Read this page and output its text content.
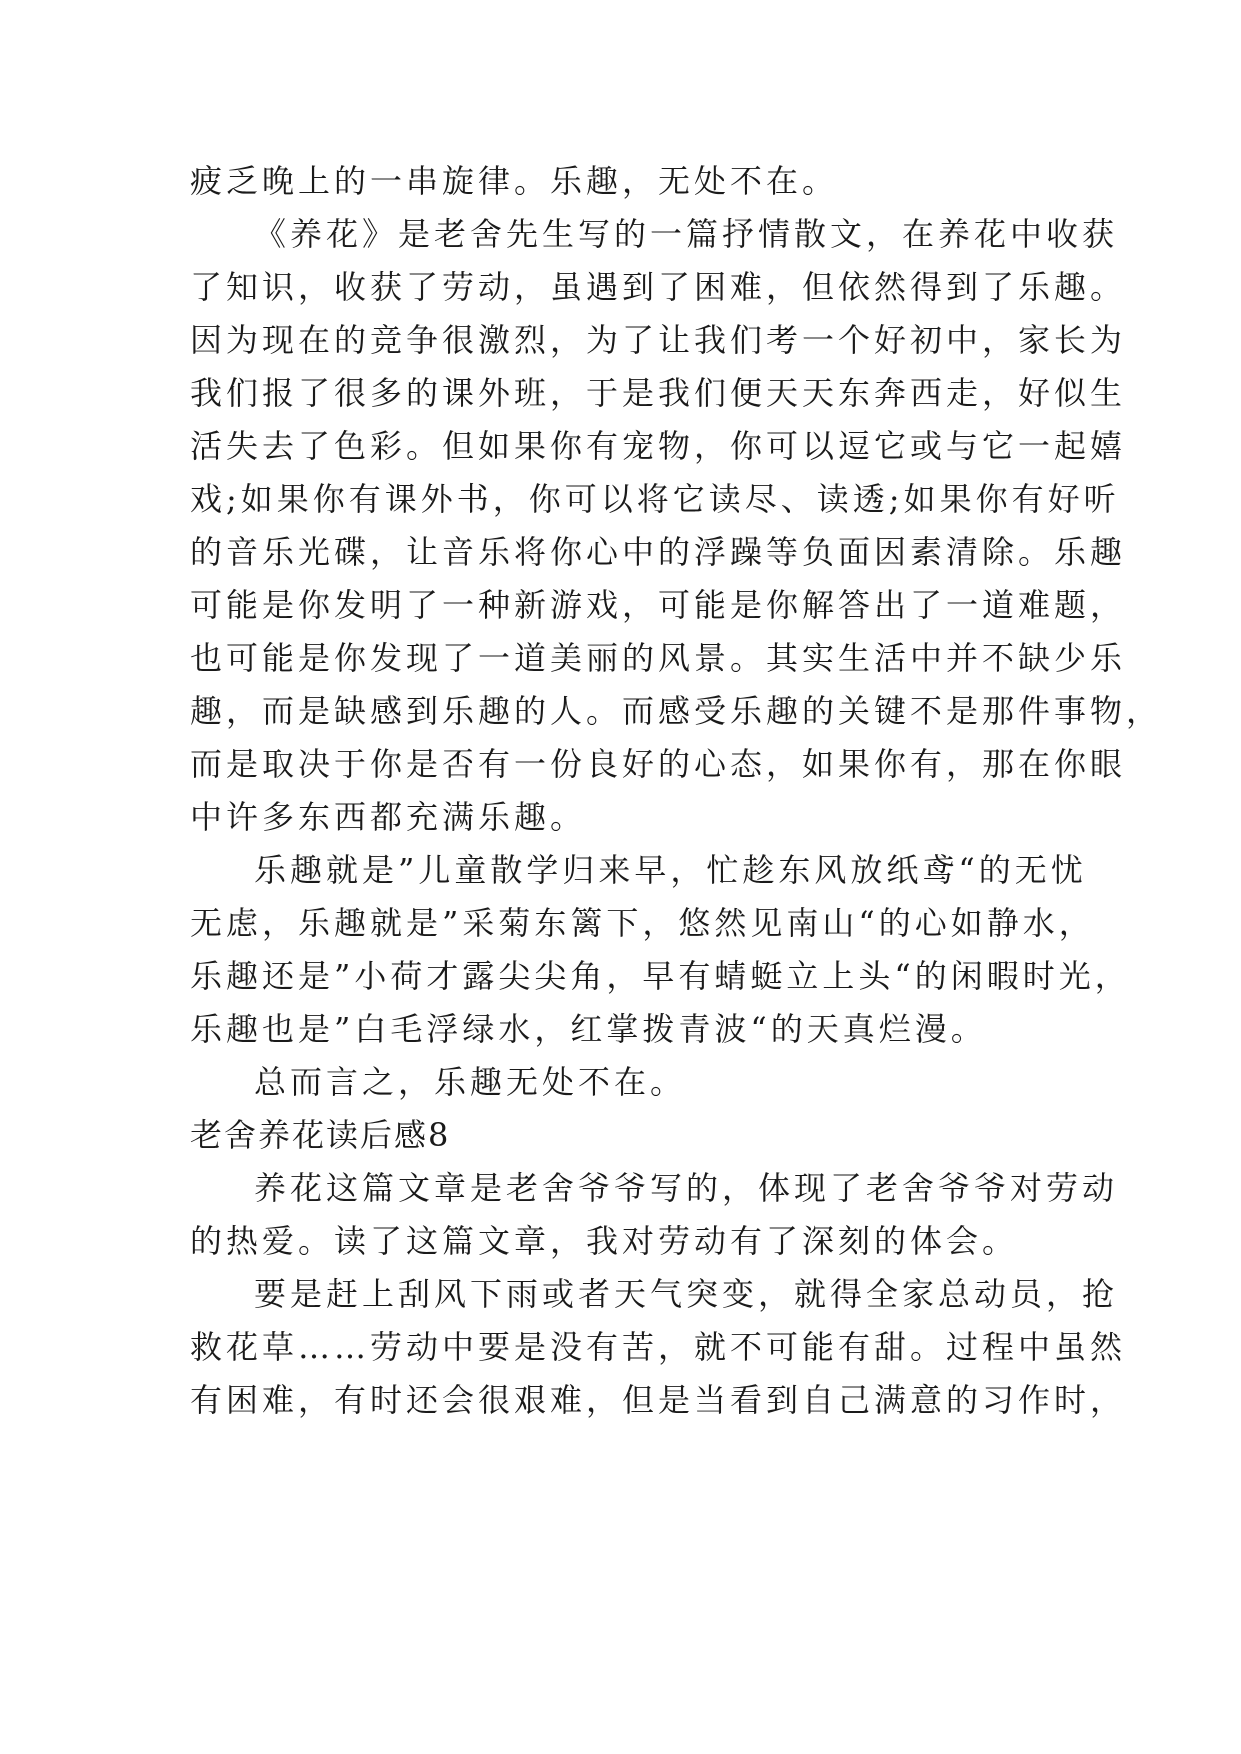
疲乏晚上的一串旋律。乐趣，无处不在。
《养花》是老舍先生写的一篇抒情散文，在养花中收获
了知识，收获了劳动，虽遇到了困难，但依然得到了乐趣。
因为现在的竞争很激烈，为了让我们考一个好初中，家长为
我们报了很多的课外班，于是我们便天天东奔西走，好似生
活失去了色彩。但如果你有宠物，你可以逗它或与它一起嬉
戏;如果你有课外书，你可以将它读尽、读透;如果你有好听
的音乐光碟，让音乐将你心中的浮躁等负面因素清除。乐趣
可能是你发明了一种新游戏，可能是你解答出了一道难题，
也可能是你发现了一道美丽的风景。其实生活中并不缺少乐
趣，而是缺感到乐趣的人。而感受乐趣的关键不是那件事物，
而是取决于你是否有一份良好的心态，如果你有，那在你眼
中许多东西都充满乐趣。
乐趣就是”儿童散学归来早，忙趁东风放纸鸢“的无忧
无虑，乐趣就是”采菊东篱下，悠然见南山“的心如静水，
乐趣还是”小荷才露尖尖角，早有蜻蜓立上头“的闲暇时光，
乐趣也是”白毛浮绿水，红掌拨青波“的天真烂漫。
总而言之，乐趣无处不在。
老舍养花读后感8
养花这篇文章是老舍爷爷写的，体现了老舍爷爷对劳动
的热爱。读了这篇文章，我对劳动有了深刻的体会。
要是赶上刮风下雨或者天气突变，就得全家总动员，抢
救花草……劳动中要是没有苦，就不可能有甜。过程中虽然
有困难，有时还会很艰难，但是当看到自己满意的习作时，
